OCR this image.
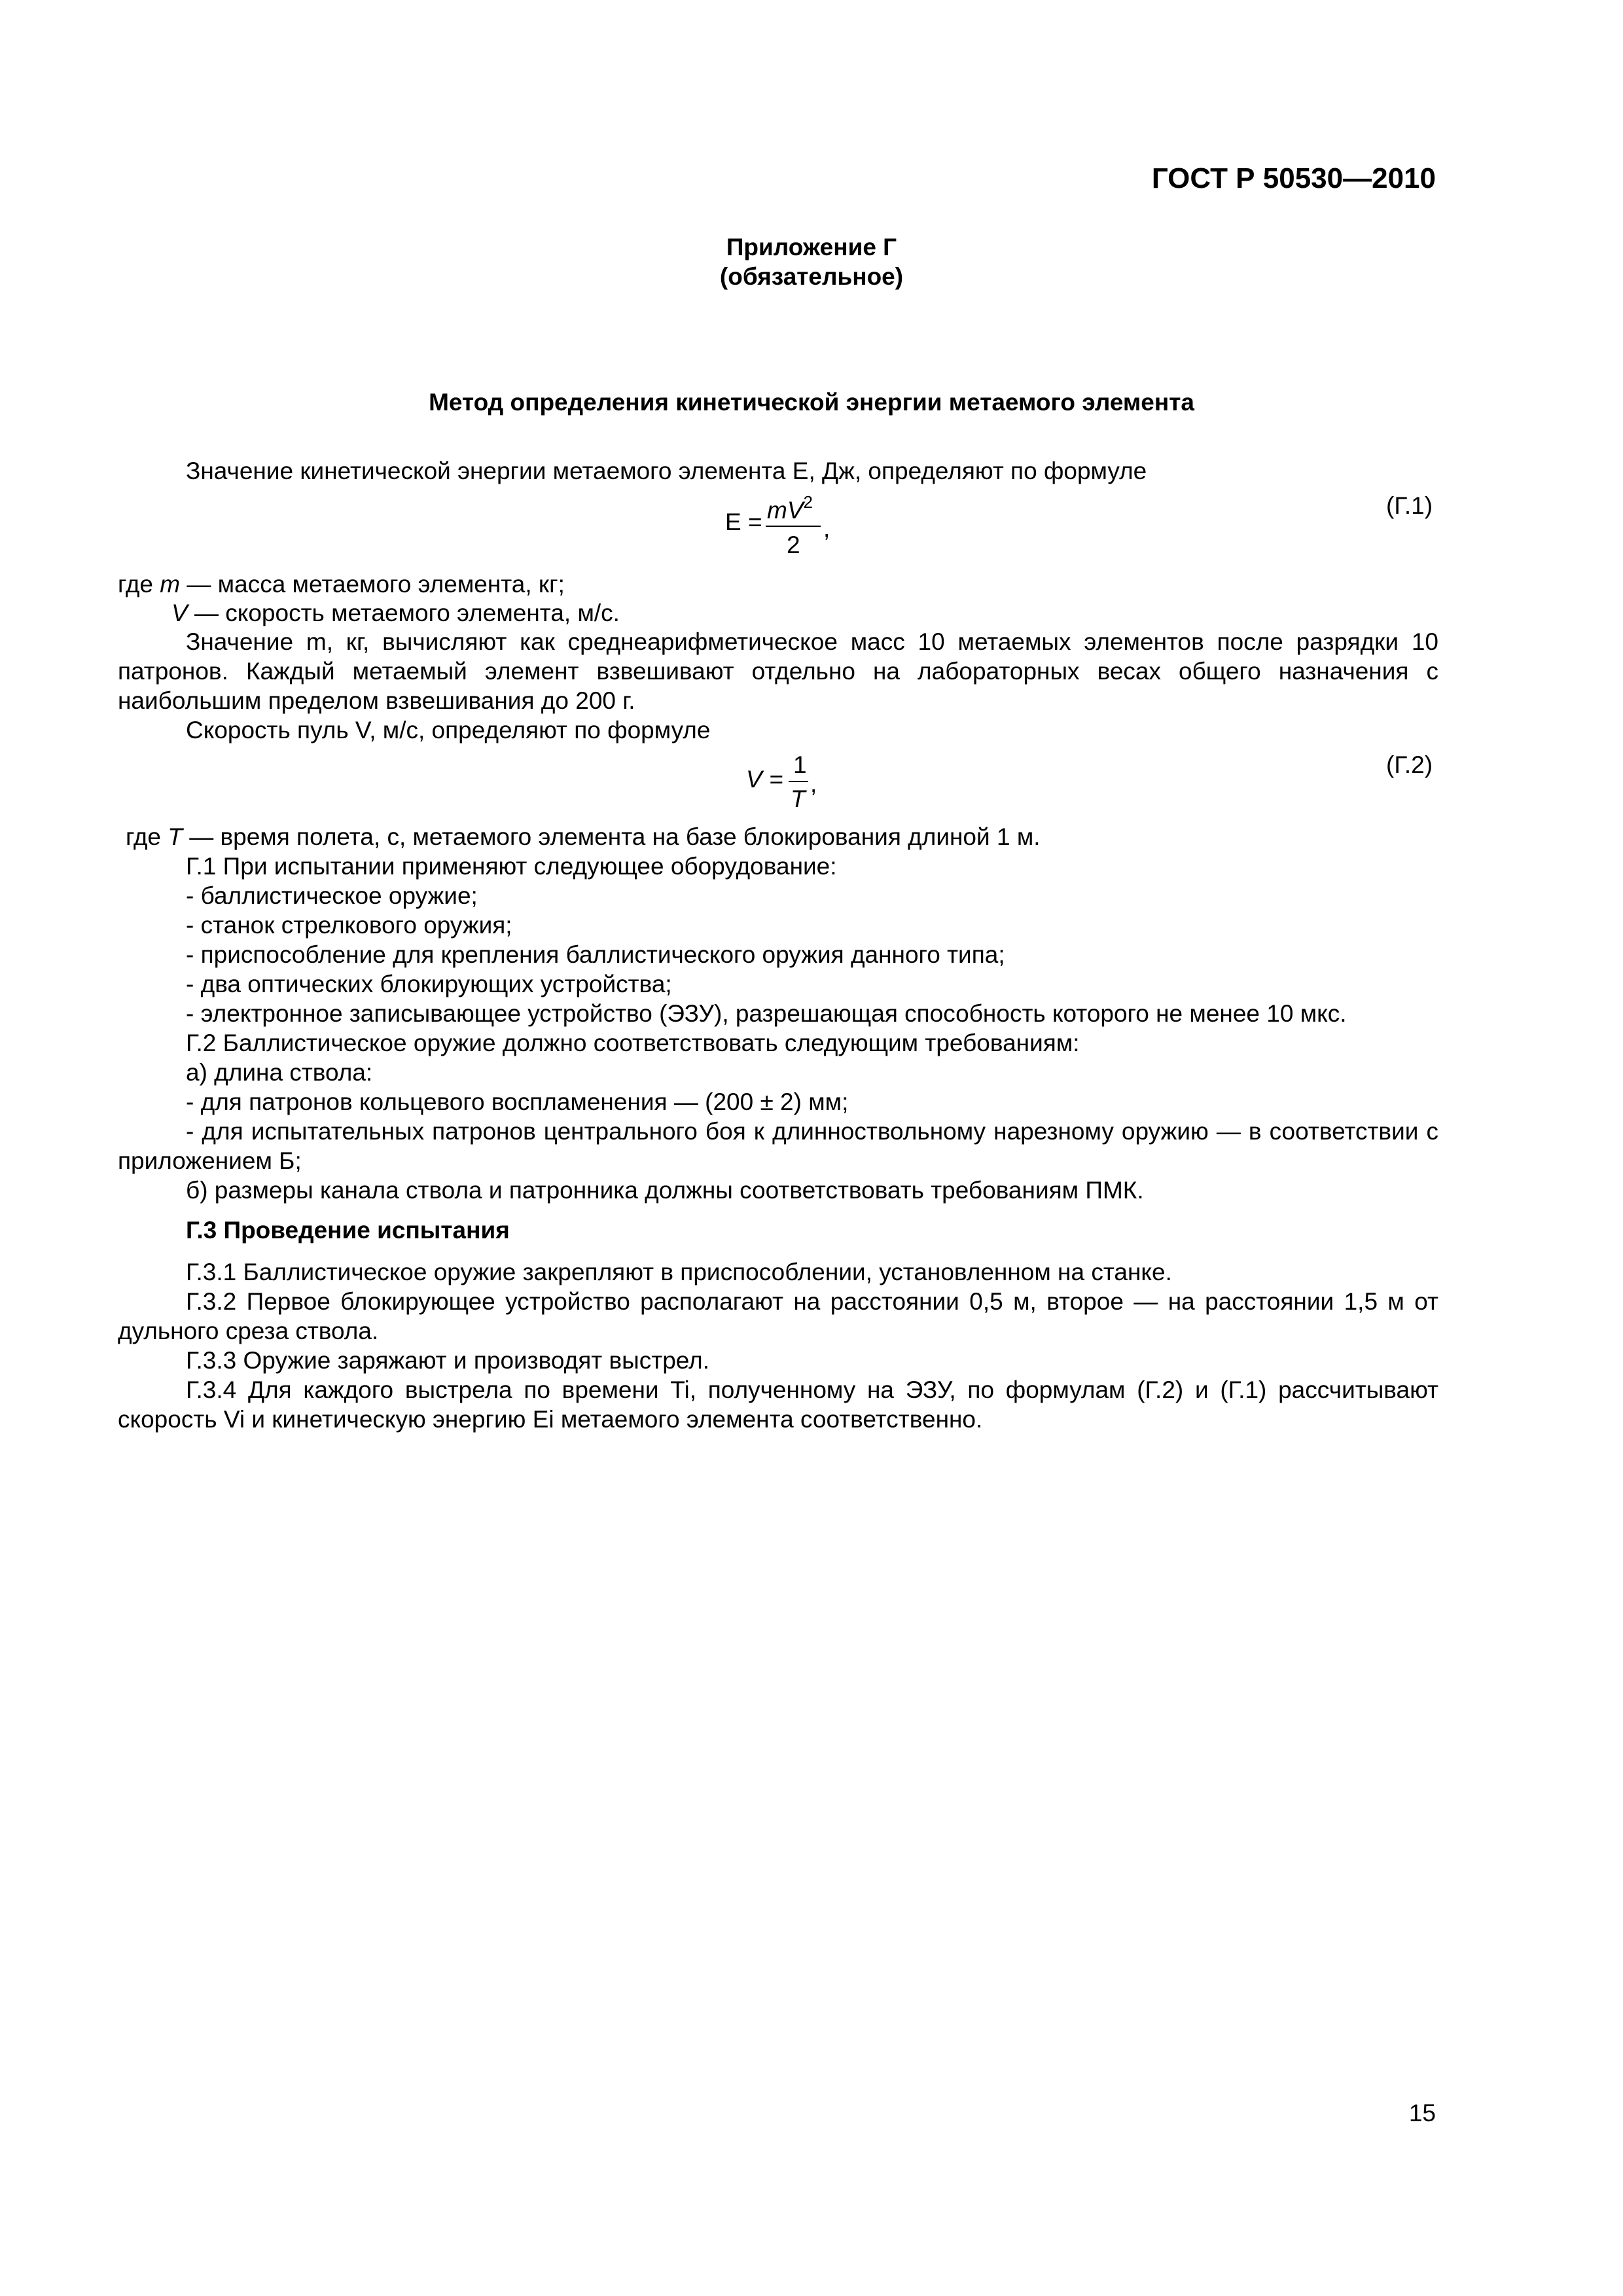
ГОСТ Р 50530—2010
Приложение Г
(обязательное)
Метод определения кинетической энергии метаемого элемента
Значение кинетической энергии метаемого элемента Е, Дж, определяют по формуле
$E = mV^2$
2
,
(Г.1)
где m — масса метаемого элемента, кг;
V — скорость метаемого элемента, м/с.
Значение m, кг, вычисляют как среднеарифметическое масс 10 метаемых элементов после разрядки 10 патронов. Каждый метаемый элемент взвешивают отдельно на лабораторных весах общего назначения с наибольшим пределом взвешивания до 200 г.
Скорость пуль V, м/с, определяют по формуле
V =
1
T
,
(Г.2)
где T — время полета, с, метаемого элемента на базе блокирования длиной 1 м.
Г.1 При испытании применяют следующее оборудование:
- баллистическое оружие;
- станок стрелкового оружия;
- приспособление для крепления баллистического оружия данного типа;
- два оптических блокирующих устройства;
- электронное записывающее устройство (ЭЗУ), разрешающая способность которого не менее 10 мкс.
Г.2 Баллистическое оружие должно соответствовать следующим требованиям:
а) длина ствола:
- для патронов кольцевого воспламенения — (200 ± 2) мм;
- для испытательных патронов центрального боя к длинноствольному нарезному оружию — в соответствии с приложением Б;
б) размеры канала ствола и патронника должны соответствовать требованиям ПМК.
Г.3 Проведение испытания
Г.3.1 Баллистическое оружие закрепляют в приспособлении, установленном на станке.
Г.3.2 Первое блокирующее устройство располагают на расстоянии 0,5 м, второе — на расстоянии 1,5 м от дульного среза ствола.
Г.3.3 Оружие заряжают и производят выстрел.
Г.3.4 Для каждого выстрела по времени Ti, полученному на ЭЗУ, по формулам (Г.2) и (Г.1) рассчитывают скорость Vi и кинетическую энергию Ei метаемого элемента соответственно.
15
